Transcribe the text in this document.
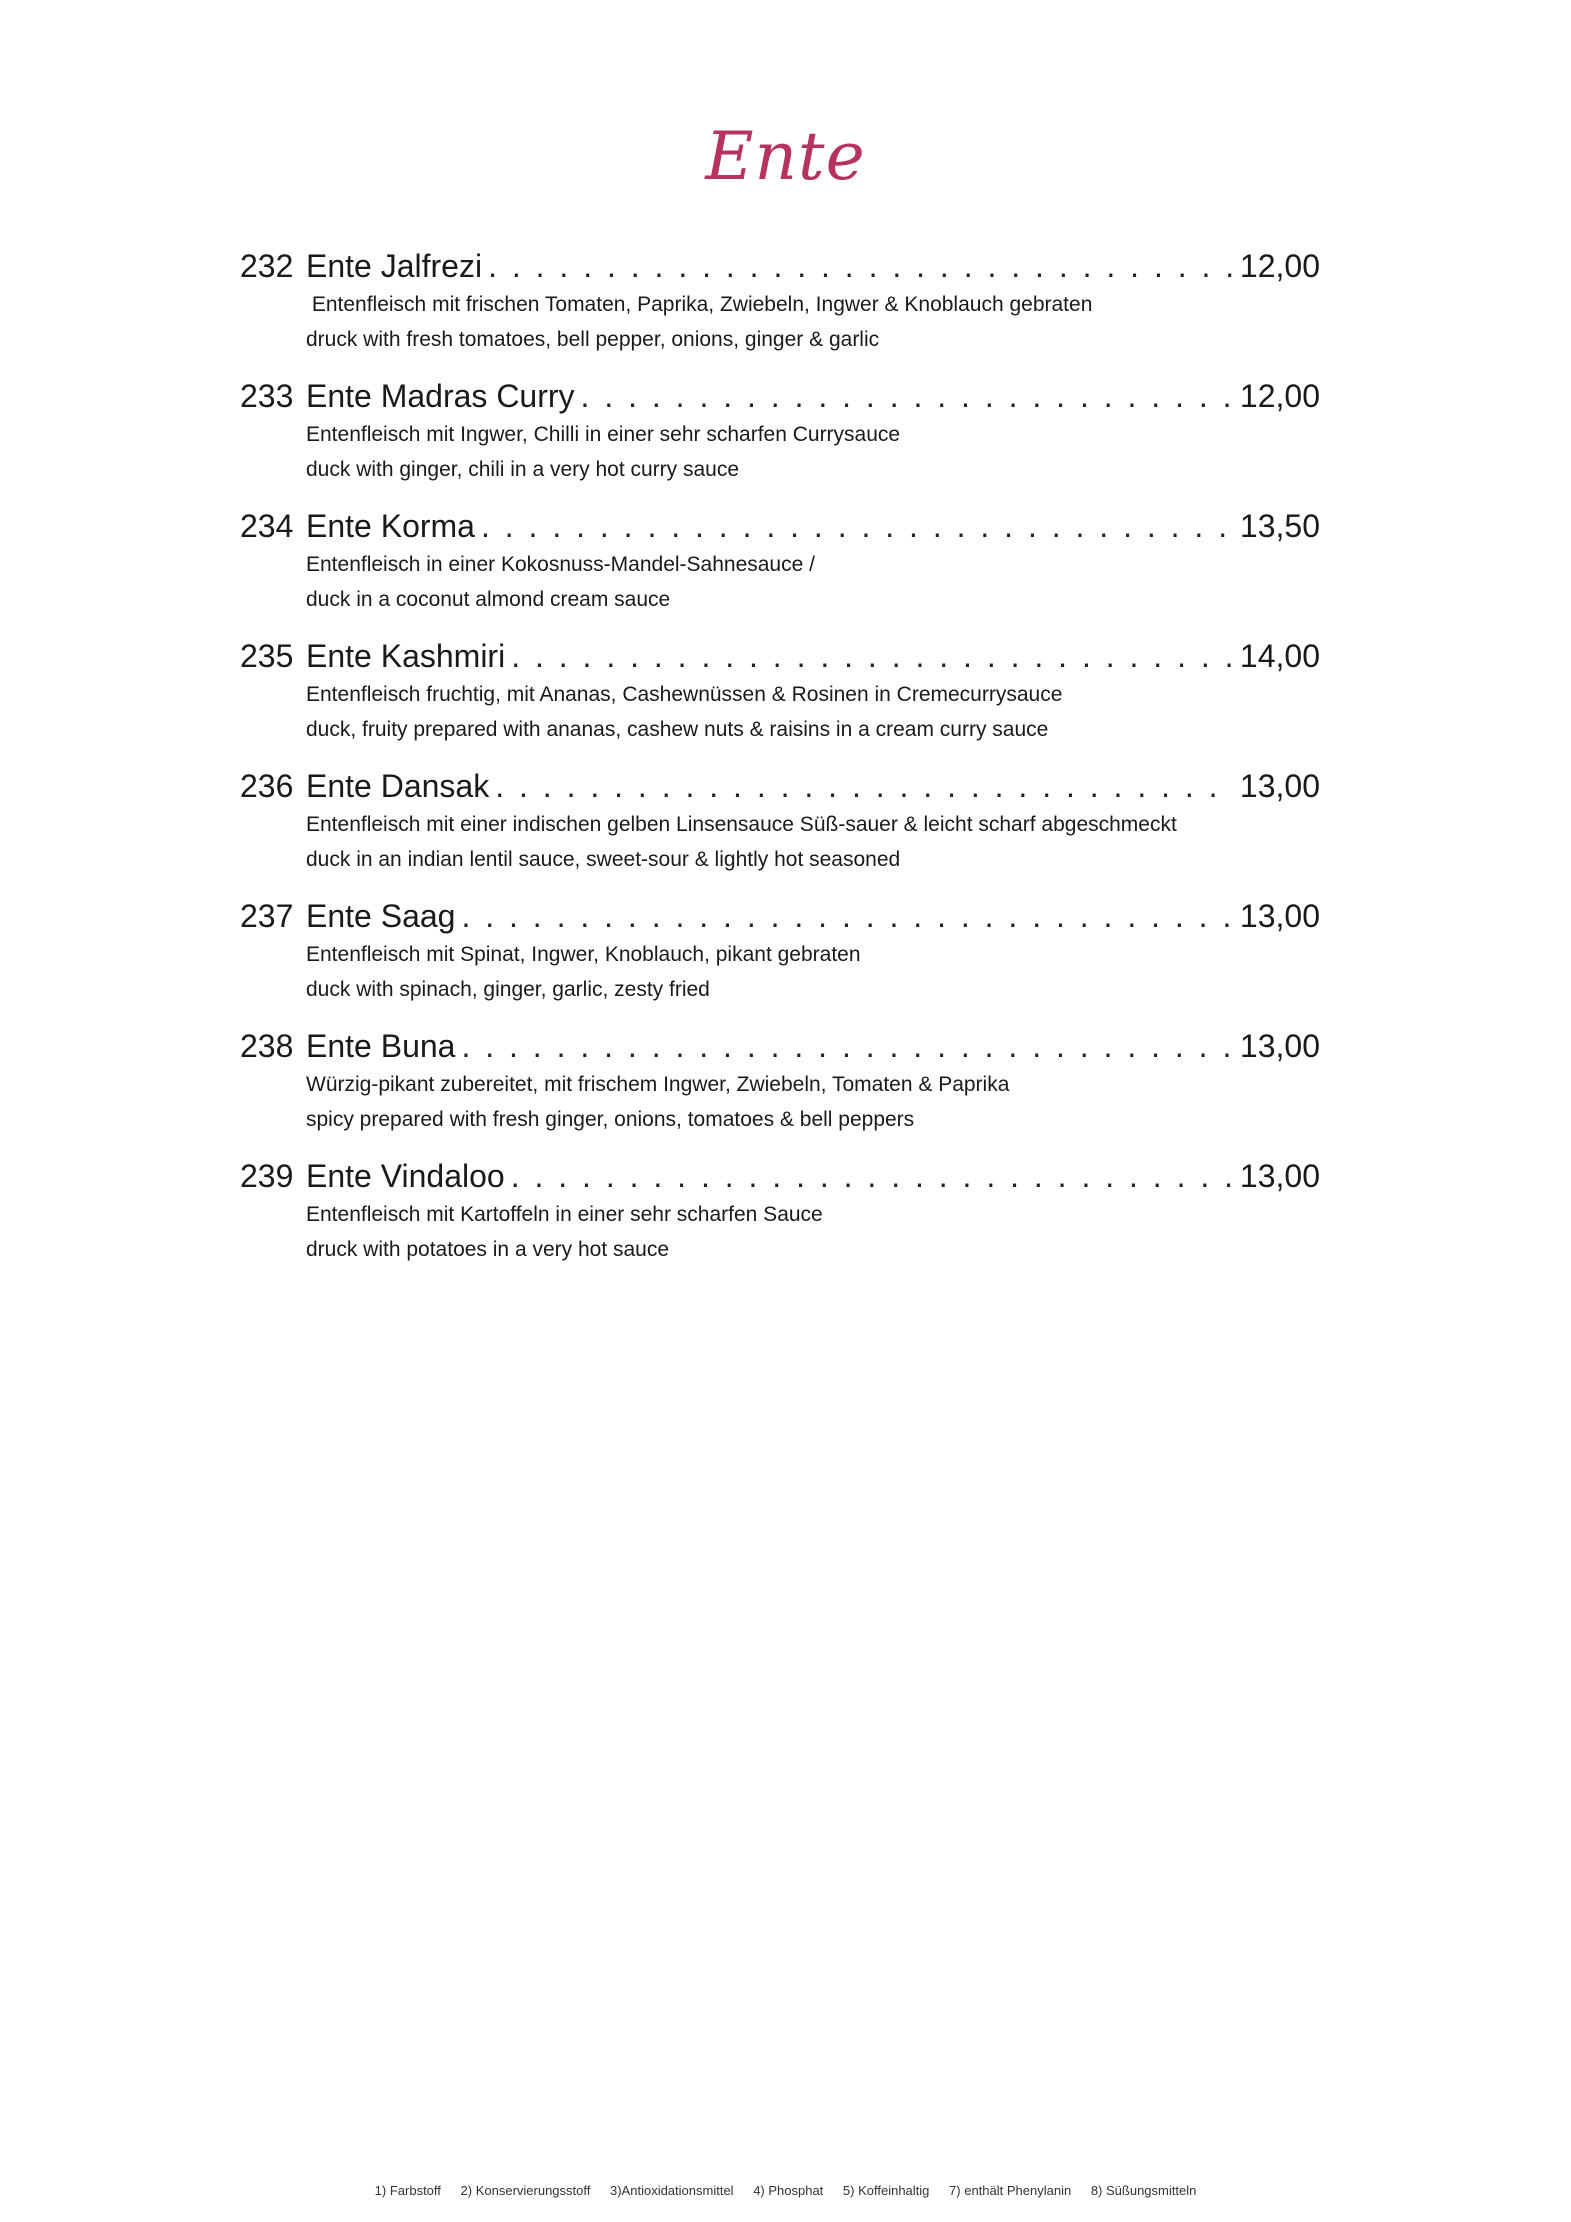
Ente
232 Ente Jalfrezi . . .	12,00
Entenfleisch mit frischen Tomaten, Paprika, Zwiebeln, Ingwer & Knoblauch gebraten
druck with fresh tomatoes, bell pepper, onions, ginger & garlic
233 Ente Madras Curry . . .	12,00
Entenfleisch mit Ingwer, Chilli in einer sehr scharfen Currysauce
duck with ginger, chili in a very hot curry sauce
234 Ente Korma . . .	13,50
Entenfleisch in einer Kokosnuss-Mandel-Sahnesauce /
duck in a coconut almond cream sauce
235 Ente Kashmiri . . .	14,00
Entenfleisch fruchtig, mit Ananas, Cashewnüssen & Rosinen in Cremecurrysauce
duck, fruity prepared with ananas, cashew nuts & raisins in a cream curry sauce
236 Ente Dansak . . .	13,00
Entenfleisch mit einer indischen gelben Linsensauce Süß-sauer & leicht scharf abgeschmeckt
duck in an indian lentil sauce, sweet-sour & lightly hot seasoned
237 Ente Saag . . .	13,00
Entenfleisch mit Spinat, Ingwer, Knoblauch, pikant gebraten
duck with spinach, ginger, garlic, zesty fried
238 Ente Buna . . .	13,00
Würzig-pikant zubereitet, mit frischem Ingwer, Zwiebeln, Tomaten & Paprika
spicy prepared with fresh ginger, onions, tomatoes & bell peppers
239 Ente Vindaloo . . .	13,00
Entenfleisch mit Kartoffeln in einer sehr scharfen Sauce
druck with potatoes in a very hot sauce
1) Farbstoff 2) Konservierungsstoff 3)Antioxidationsmittel 4) Phosphat 5) Koffeinhaltig 7) enthält Phenylanin 8) Süßungsmitteln
